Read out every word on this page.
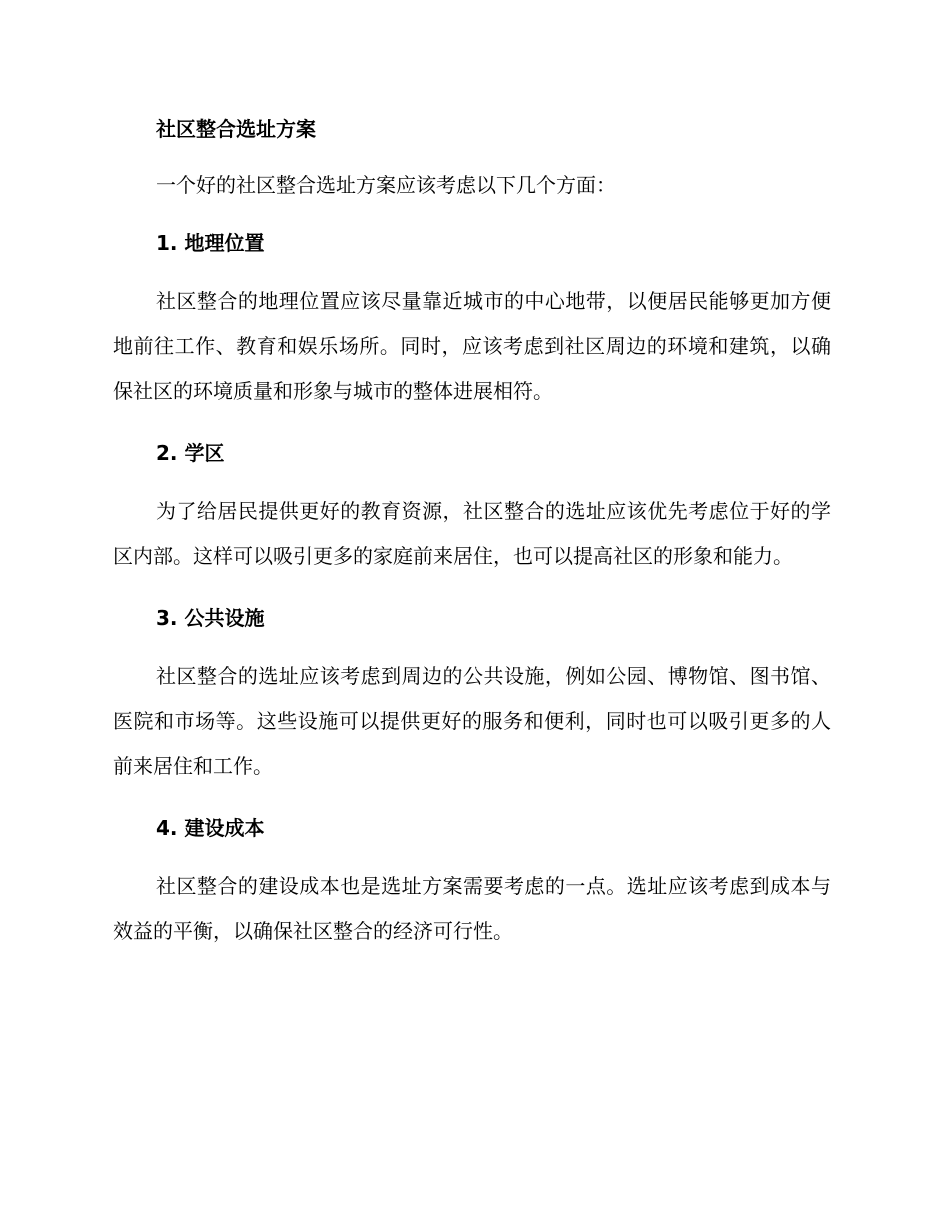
社区整合选址方案

一个好的社区整合选址方案应该考虑以下几个方面：

1. 地理位置

社区整合的地理位置应该尽量靠近城市的中心地带，以便居民能够更加方便地前往工作、教育和娱乐场所。同时，应该考虑到社区周边的环境和建筑，以确保社区的环境质量和形象与城市的整体进展相符。

2. 学区

为了给居民提供更好的教育资源，社区整合的选址应该优先考虑位于好的学区内部。这样可以吸引更多的家庭前来居住，也可以提高社区的形象和能力。

3. 公共设施

社区整合的选址应该考虑到周边的公共设施，例如公园、博物馆、图书馆、医院和市场等。这些设施可以提供更好的服务和便利，同时也可以吸引更多的人前来居住和工作。

4. 建设成本

社区整合的建设成本也是选址方案需要考虑的一点。选址应该考虑到成本与效益的平衡，以确保社区整合的经济可行性。
